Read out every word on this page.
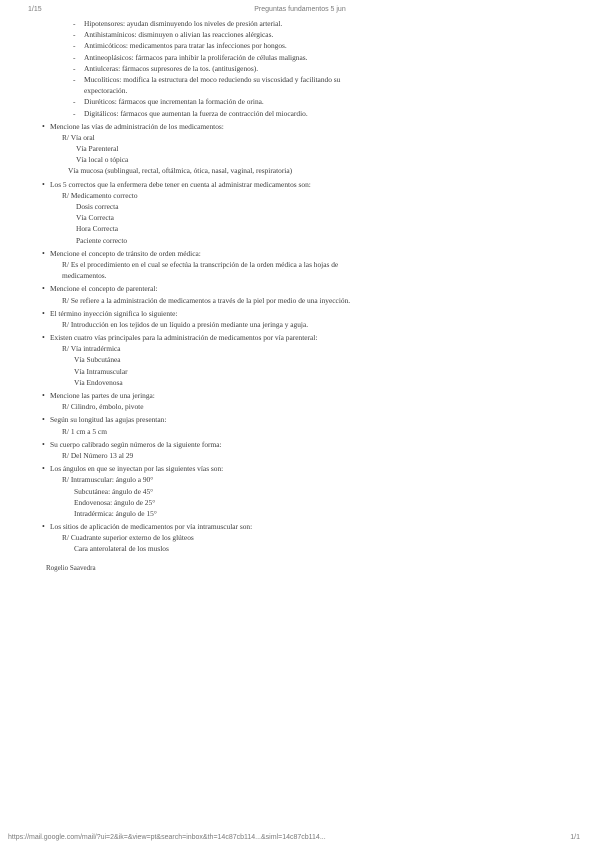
1/15	Preguntas fundamentos 5 jun
- Hipotensores: ayudan disminuyendo los niveles de presión arterial.
- Antihistamínicos: disminuyen o alivian las reacciones alérgicas.
- Antimicóticos: medicamentos para tratar las infecciones por hongos.
- Antineoplásicos: fármacos para inhibir la proliferación de células malignas.
- Antiulceras: fármacos supresores de la tos. (antitusígenos).
- Mucolíticos: modifica la estructura del moco reduciendo su viscosidad y facilitando su
expectoración.
- Diuréticos: fármacos que incrementan la formación de orina.
- Digitálicos: fármacos que aumentan la fuerza de contracción del miocardio.
• Mencione las vías de administración de los medicamentos:
R/ Vía oral
Vía Parenteral
Vía local o tópica
Vía mucosa (sublingual, rectal, oftálmica, ótica, nasal, vaginal, respiratoria)
• Los 5 correctos que la enfermera debe tener en cuenta al administrar medicamentos son:
R/ Medicamento correcto
Dosis correcta
Vía Correcta
Hora Correcta
Paciente correcto
• Mencione el concepto de tránsito de orden médica:
R/ Es el procedimiento en el cual se efectúa la transcripción de la orden médica a las hojas de
medicamentos.
• Mencione el concepto de parenteral:
R/ Se refiere a la administración de medicamentos a través de la piel por medio de una inyección.
• El término inyección significa lo siguiente:
R/ Introducción en los tejidos de un líquido a presión mediante una jeringa y aguja.
• Existen cuatro vías principales para la administración de medicamentos por vía parenteral:
R/ Vía intradérmica
Vía Subcutánea
Vía Intramuscular
Vía Endovenosa
• Mencione las partes de una jeringa:
R/ Cilindro, émbolo, pivote
• Según su longitud las agujas presentan:
R/ 1 cm a 5 cm
• Su cuerpo calibrado según números de la siguiente forma:
R/ Del Número 13 al 29
• Los ángulos en que se inyectan por las siguientes vías son:
R/ Intramuscular: ángulo a 90°
Subcutánea: ángulo de 45°
Endovenosa: ángulo de 25°
Intradérmica: ángulo de 15°
• Los sitios de aplicación de medicamentos por vía intramuscular son:
R/ Cuadrante superior externo de los glúteos
Cara anterolateral de los muslos
Rogelio Saavedra
https://mail.google.com/mail/?ui=2&ik=&view=pt&search=inbox&th=14c87cb114...&siml=14c87cb114...	1/1
